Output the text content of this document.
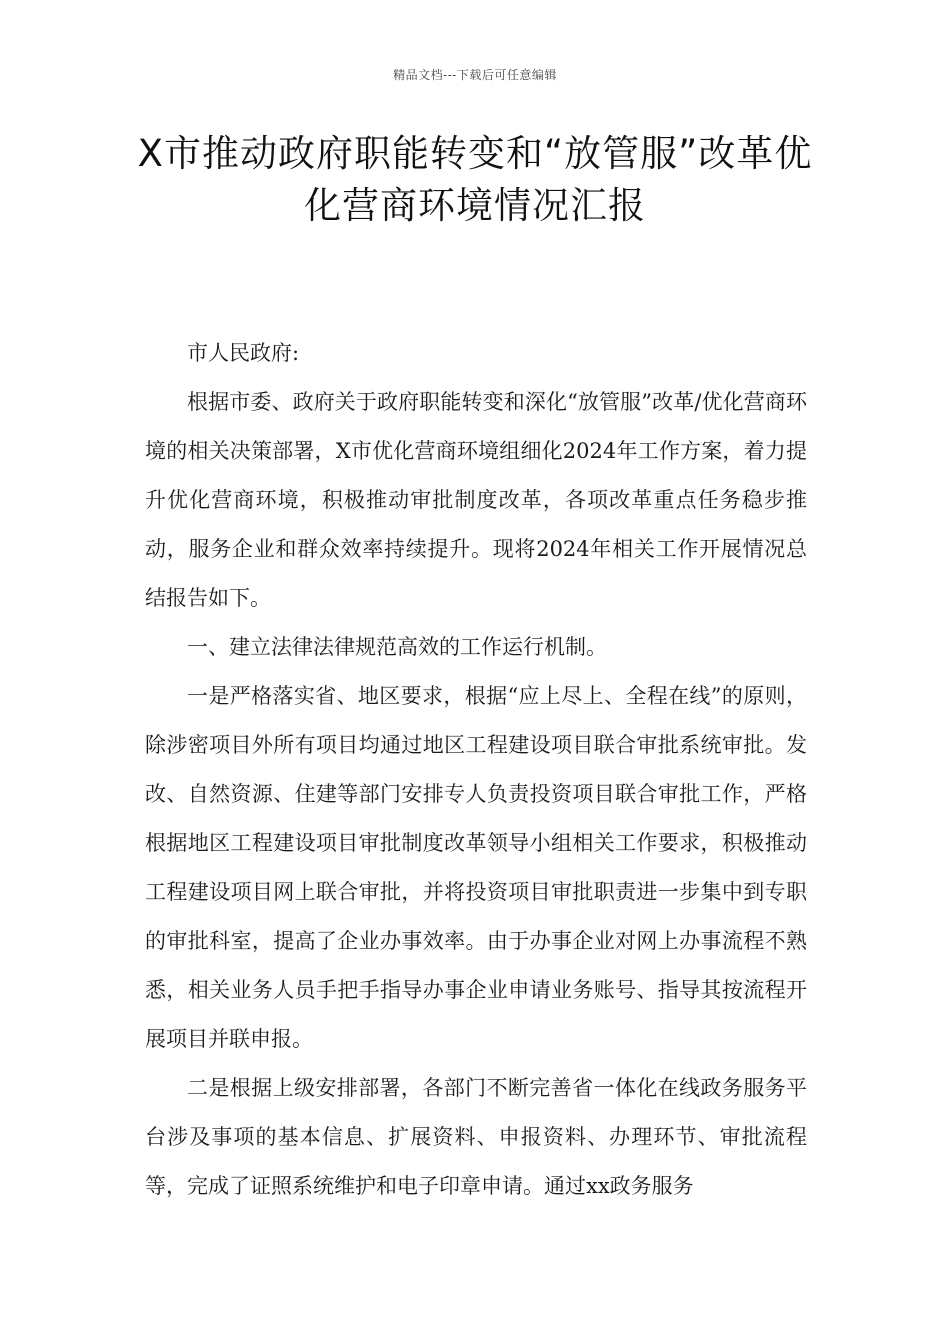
精品文档---下载后可任意编辑
X市推动政府职能转变和“放管服”改革优化营商环境情况汇报

市人民政府:

根据市委、政府关于政府职能转变和深化“放管服”改革/优化营商环境的相关决策部署，X市优化营商环境组细化2024年工作方案，着力提升优化营商环境，积极推动审批制度改革，各项改革重点任务稳步推动，服务企业和群众效率持续提升。现将2024年相关工作开展情况总结报告如下。

一、建立法律法律规范高效的工作运行机制。

一是严格落实省、地区要求，根据“应上尽上、全程在线”的原则，除涉密项目外所有项目均通过地区工程建设项目联合审批系统审批。发改、自然资源、住建等部门安排专人负责投资项目联合审批工作，严格根据地区工程建设项目审批制度改革领导小组相关工作要求，积极推动工程建设项目网上联合审批，并将投资项目审批职责进一步集中到专职的审批科室，提高了企业办事效率。由于办事企业对网上办事流程不熟悉，相关业务人员手把手指导办事企业申请业务账号、指导其按流程开展项目并联申报。

二是根据上级安排部署，各部门不断完善省一体化在线政务服务平台涉及事项的基本信息、扩展资料、申报资料、办理环节、审批流程等，完成了证照系统维护和电子印章申请。通过xx政务服务
